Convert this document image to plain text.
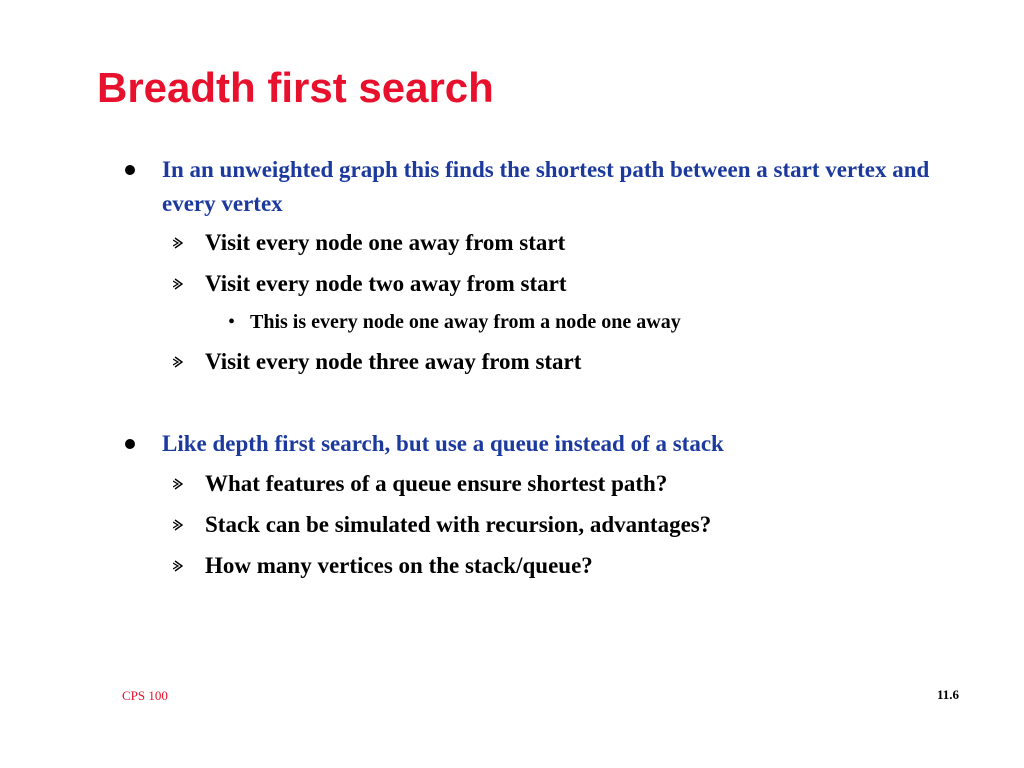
Breadth first search
In an unweighted graph this finds the shortest path between a start vertex and every vertex
Visit every node one away from start
Visit every node two away from start
• This is every node one away from a node one away
Visit every node three away from start
Like depth first search, but use a queue instead of a stack
What features of a queue ensure shortest path?
Stack can be simulated with recursion, advantages?
How many vertices on the stack/queue?
CPS 100	11.6
